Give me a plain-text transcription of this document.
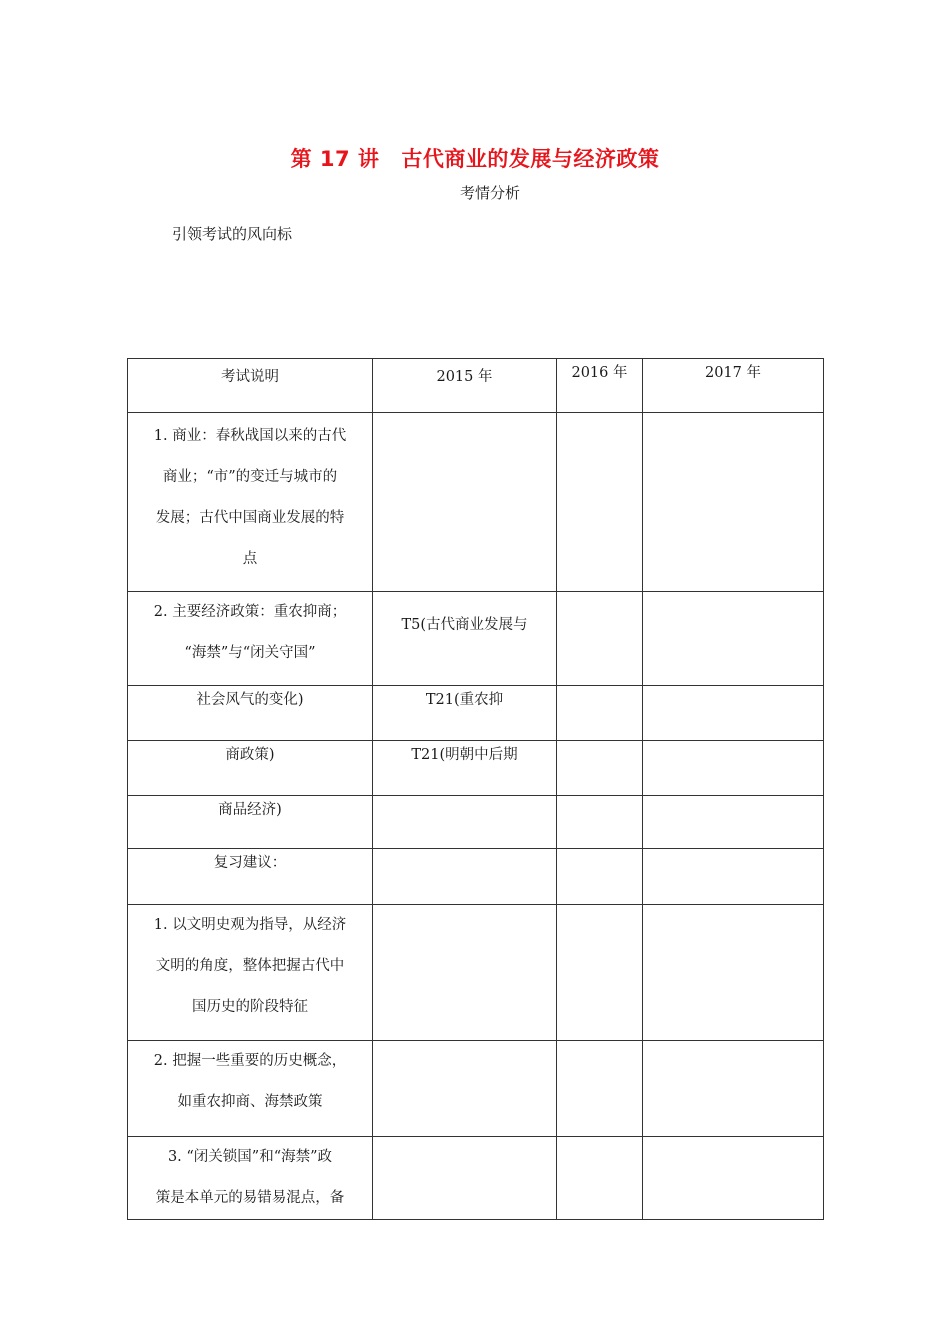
第 17 讲 古代商业的发展与经济政策
考情分析
引领考试的风向标
考试说明	2015 年	2016 年	2017 年

1. 商业：春秋战国以来的古代
商业；“市”的变迁与城市的
发展；古代中国商业发展的特
点			

2. 主要经济政策：重农抑商；
“海禁”与“闭关守国”	T5(古代商业发展与		

社会风气的变化)	T21(重农抑		

商政策)	T21(明朝中后期		

商品经济)			

复习建议：			

1. 以文明史观为指导，从经济
文明的角度，整体把握古代中
国历史的阶段特征			

2. 把握一些重要的历史概念，
如重农抑商、海禁政策			

3. “闭关锁国”和“海禁”政
策是本单元的易错易混点，备			
